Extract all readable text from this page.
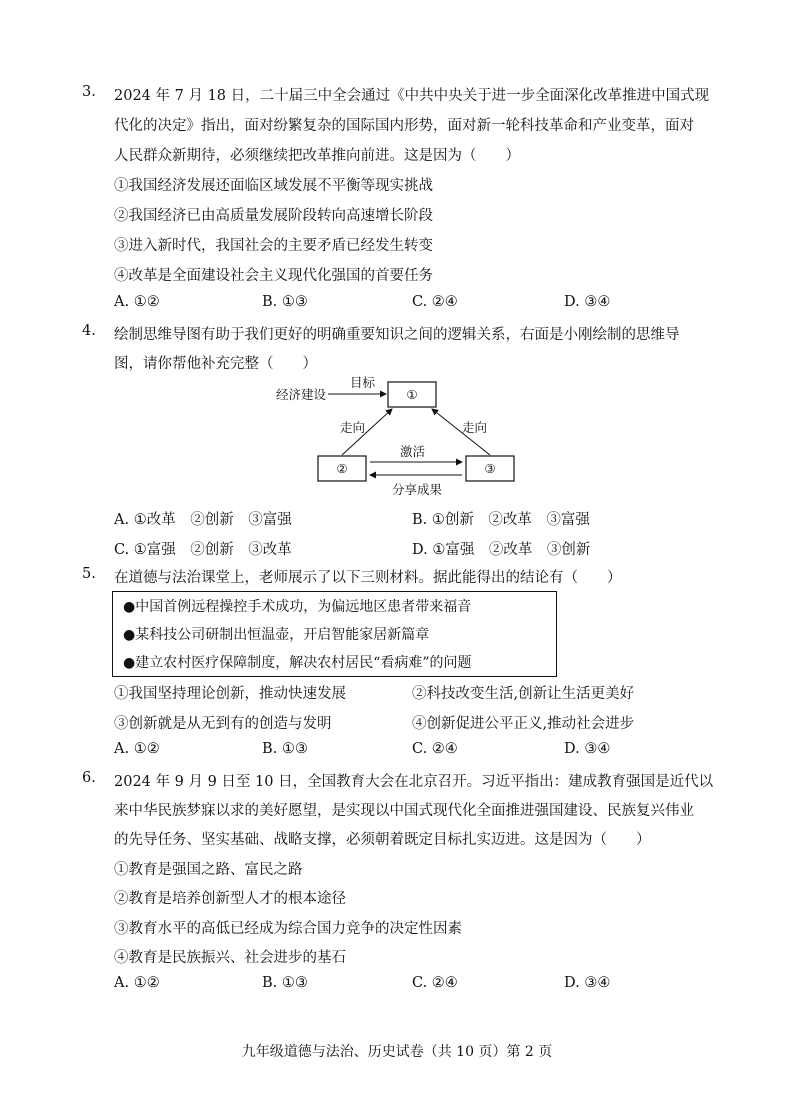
3. 2024 年 7 月 18 日，二十届三中全会通过《中共中央关于进一步全面深化改革推进中国式现
代化的决定》指出，面对纷繁复杂的国际国内形势，面对新一轮科技革命和产业变革，面对
人民群众新期待，必须继续把改革推向前进。这是因为（　　）
①我国经济发展还面临区域发展不平衡等现实挑战
②我国经济已由高质量发展阶段转向高速增长阶段
③进入新时代，我国社会的主要矛盾已经发生转变
④改革是全面建设社会主义现代化强国的首要任务
A. ①②	B. ①③	C. ②④	D. ③④
4. 绘制思维导图有助于我们更好的明确重要知识之间的逻辑关系，右面是小刚绘制的思维导
图，请你帮他补充完整（　　）
①
②	③
经济建设
目标
走向	走向
激活
分享成果
A. ①改革　②创新　③富强	B. ①创新　②改革　③富强
C. ①富强　②创新　③改革	D. ①富强　②改革　③创新
5. 在道德与法治课堂上，老师展示了以下三则材料。据此能得出的结论有（　　）
●中国首例远程操控手术成功，为偏远地区患者带来福音
●某科技公司研制出恒温壶，开启智能家居新篇章
●建立农村医疗保障制度，解决农村居民“看病难”的问题
①我国坚持理论创新，推动快速发展	②科技改变生活,创新让生活更美好
③创新就是从无到有的创造与发明	④创新促进公平正义,推动社会进步
A. ①②	B. ①③	C. ②④	D. ③④
6. 2024 年 9 月 9 日至 10 日，全国教育大会在北京召开。习近平指出：建成教育强国是近代以
来中华民族梦寐以求的美好愿望，是实现以中国式现代化全面推进强国建设、民族复兴伟业
的先导任务、坚实基础、战略支撑，必须朝着既定目标扎实迈进。这是因为（　　）
①教育是强国之路、富民之路
②教育是培养创新型人才的根本途径
③教育水平的高低已经成为综合国力竞争的决定性因素
④教育是民族振兴、社会进步的基石
A. ①②	B. ①③	C. ②④	D. ③④
九年级道德与法治、历史试卷（共 10 页）第 2 页
